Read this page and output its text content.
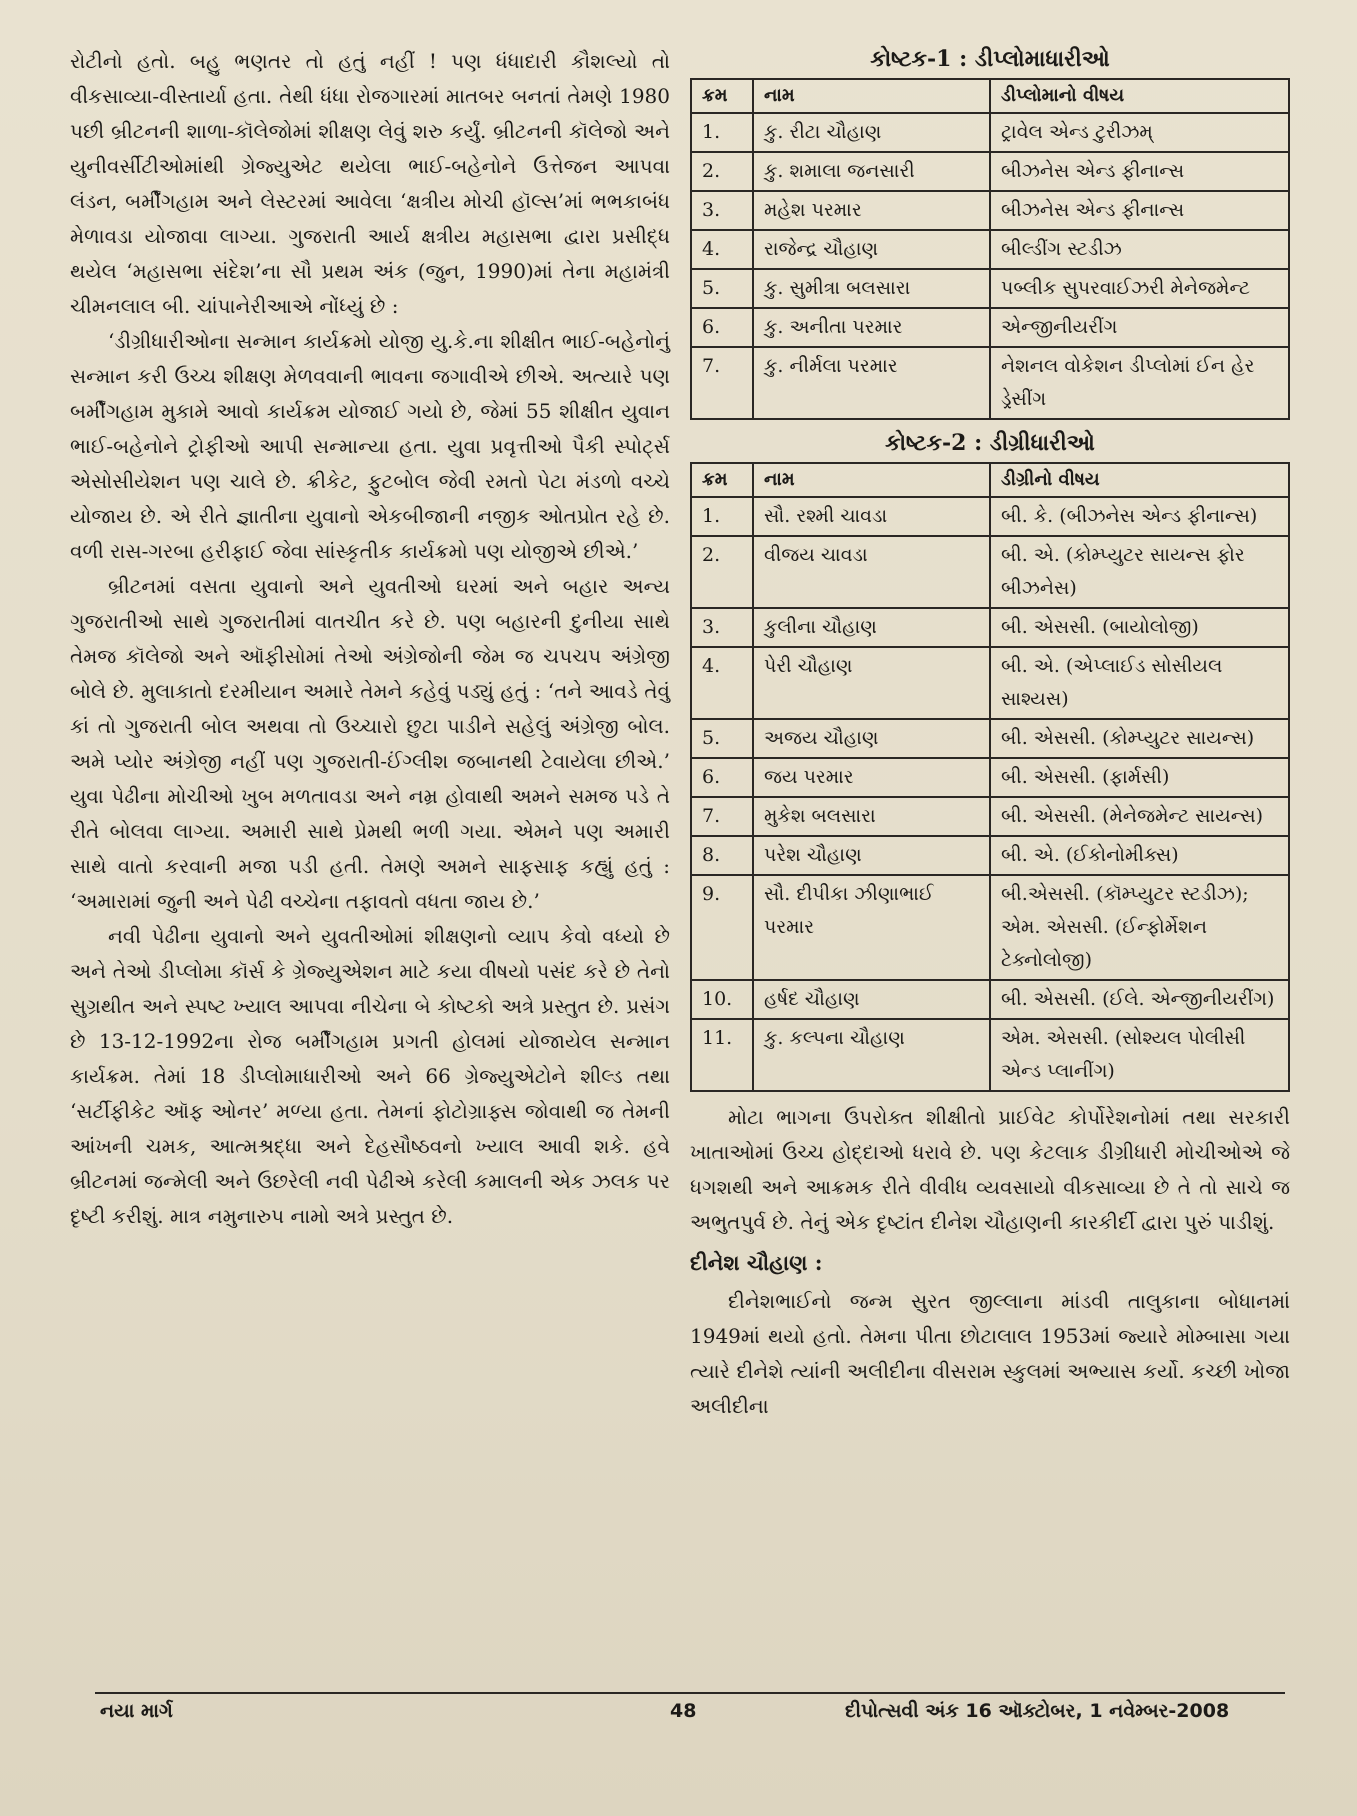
રોટીનો હતો. બહુ ભણતર તો હતું નહીં ! પણ ધંધાદારી કૌશલ્યો તો વીકસાવ્યા-વીસ્તાર્યા હતા. તેથી ધંધા રોજગારમાં માતબર બનતાં તેમણે 1980 પછી બ્રીટનની શાળા-કૉલેજોમાં શીક્ષણ લેવું શરુ કર્યું. બ્રીટનની કૉલેજો અને યુનીવર્સીટીઓમાંથી ગ્રેજ્યુએટ થયેલા ભાઈ-બહેનોને ઉત્તેજન આપવા લંડન, બર્મીંગહામ અને લેસ્ટરમાં આવેલા ‘ક્ષત્રીય મોચી હૉલ્સ’માં ભભકાબંધ મેળાવડા યોજાવા લાગ્યા. ગુજરાતી આર્ય ક્ષત્રીય મહાસભા દ્વારા પ્રસીદ્ધ થયેલ ‘મહાસભા સંદેશ’ના સૌ પ્રથમ અંક (જુન, 1990)માં તેના મહામંત્રી ચીમનલાલ બી. ચાંપાનેરીઆએ નોંધ્યું છે :

‘ડીગ્રીધારીઓના સન્માન કાર્યક્રમો યોજી યુ.કે.ના શીક્ષીત ભાઈ-બહેનોનું સન્માન કરી ઉચ્ચ શીક્ષણ મેળવવાની ભાવના જગાવીએ છીએ. અત્યારે પણ બર્મીંગહામ મુકામે આવો કાર્યક્રમ યોજાઈ ગયો છે, જેમાં 55 શીક્ષીત યુવાન ભાઈ-બહેનોને ટ્રોફીઓ આપી સન્માન્યા હતા. યુવા પ્રવૃત્તીઓ પૈકી સ્પોર્ટ્સ એસોસીયેશન પણ ચાલે છે. ક્રીકેટ, ફુટબોલ જેવી રમતો પેટા મંડળો વચ્ચે યોજાય છે. એ રીતે જ્ઞાતીના યુવાનો એકબીજાની નજીક ઓતપ્રોત રહે છે. વળી રાસ-ગરબા હરીફાઈ જેવા સાંસ્કૃતીક કાર્યક્રમો પણ યોજીએ છીએ.’

બ્રીટનમાં વસતા યુવાનો અને યુવતીઓ ઘરમાં અને બહાર અન્ય ગુજરાતીઓ સાથે ગુજરાતીમાં વાતચીત કરે છે. પણ બહારની દુનીયા સાથે તેમજ કૉલેજો અને ઑફીસોમાં તેઓ અંગ્રેજોની જેમ જ ચપચપ અંગ્રેજી બોલે છે. મુલાકાતો દરમીયાન અમારે તેમને કહેવું પડ્યું હતું : ‘તને આવડે તેવું કાં તો ગુજરાતી બોલ અથવા તો ઉચ્ચારો છુટા પાડીને સહેલું અંગ્રેજી બોલ. અમે પ્યોર અંગ્રેજી નહીં પણ ગુજરાતી-ઈંગ્લીશ જબાનથી ટેવાયેલા છીએ.’ યુવા પેઢીના મોચીઓ ખુબ મળતાવડા અને નમ્ર હોવાથી અમને સમજ પડે તે રીતે બોલવા લાગ્યા. અમારી સાથે પ્રેમથી ભળી ગયા. એમને પણ અમારી સાથે વાતો કરવાની મજા પડી હતી. તેમણે અમને સાફસાફ કહ્યું હતું : ‘અમારામાં જુની અને પેઢી વચ્ચેના તફાવતો વધતા જાય છે.’

નવી પેઢીના યુવાનો અને યુવતીઓમાં શીક્ષણનો વ્યાપ કેવો વધ્યો છે અને તેઓ ડીપ્લોમા કૉર્સ કે ગ્રેજ્યુએશન માટે કયા વીષયો પસંદ કરે છે તેનો સુગ્રથીત અને સ્પષ્ટ ખ્યાલ આપવા નીચેના બે કોષ્ટકો અત્રે પ્રસ્તુત છે. પ્રસંગ છે 13-12-1992ના રોજ બર્મીંગહામ પ્રગતી હોલમાં યોજાયેલ સન્માન કાર્યક્રમ. તેમાં 18 ડીપ્લોમાધારીઓ અને 66 ગ્રેજ્યુએટોને શીલ્ડ તથા ‘સર્ટીફીકેટ ઑફ ઓનર’ મળ્યા હતા. તેમનાં ફોટોગ્રાફ્સ જોવાથી જ તેમની આંખની ચમક, આત્મશ્રદ્ધા અને દેહસૌષ્ઠવનો ખ્યાલ આવી શકે. હવે બ્રીટનમાં જન્મેલી અને ઉછરેલી નવી પેઢીએ કરેલી કમાલની એક ઝલક પર દૃષ્ટી કરીશું. માત્ર નમુનારુપ નામો અત્રે પ્રસ્તુત છે.

કોષ્ટક-1 : ડીપ્લોમાધારીઓ
ક્રમ	નામ	ડીપ્લોમાનો વીષય
1.	કુ. રીટા ચૌહાણ	ટ્રાવેલ એન્ડ ટુરીઝમ્
2.	કુ. શમાલા જનસારી	બીઝનેસ એન્ડ ફીનાન્સ
3.	મહેશ પરમાર	બીઝનેસ એન્ડ ફીનાન્સ
4.	રાજેન્દ્ર ચૌહાણ	બીલ્ડીંગ સ્ટડીઝ
5.	કુ. સુમીત્રા બલસારા	પબ્લીક સુપરવાઈઝરી મેનેજમેન્ટ
6.	કુ. અનીતા પરમાર	એન્જીનીયરીંગ
7.	કુ. નીર્મલા પરમાર	નેશનલ વોકેશન ડીપ્લોમાં ઈન હેર ડ્રેસીંગ
કોષ્ટક-2 : ડીગ્રીધારીઓ
ક્રમ	નામ	ડીગ્રીનો વીષય
1.	સૌ. રશ્મી ચાવડા	બી. કે. (બીઝનેસ એન્ડ ફીનાન્સ)
2.	વીજય ચાવડા	બી. એ. (કોમ્પ્યુટર સાયન્સ ફોર બીઝનેસ)
3.	કુલીના ચૌહાણ	બી. એસસી. (બાયોલોજી)
4.	પેરી ચૌહાણ	બી. એ. (એપ્લાઈડ સોસીયલ સાશ્યસ)
5.	અજય ચૌહાણ	બી. એસસી. (કોમ્પ્યુટર સાયન્સ)
6.	જય પરમાર	બી. એસસી. (ફાર્મસી)
7.	મુકેશ બલસારા	બી. એસસી. (મેનેજમેન્ટ સાયન્સ)
8.	પરેશ ચૌહાણ	બી. એ. (ઈકોનોમીક્સ)
9.	સૌ. દીપીકા ઝીણાભાઈ પરમાર	બી.એસસી. (કૉમ્પ્યુટર સ્ટડીઝ); એમ. એસસી. (ઈન્ફોર્મેશન ટેક્નોલોજી)
10.	હર્ષદ ચૌહાણ	બી. એસસી. (ઈલે. એન્જીનીયરીંગ)
11.	કુ. કલ્પના ચૌહાણ	એમ. એસસી. (સોશ્યલ પોલીસી એન્ડ પ્લાનીંગ)

મોટા ભાગના ઉપરોક્ત શીક્ષીતો પ્રાઈવેટ કોર્પોરેશનોમાં તથા સરકારી ખાતાઓમાં ઉચ્ચ હોદ્દાઓ ધરાવે છે. પણ કેટલાક ડીગ્રીધારી મોચીઓએ જે ધગશથી અને આક્રમક રીતે વીવીધ વ્યવસાયો વીકસાવ્યા છે તે તો સાચે જ અભુતપુર્વ છે. તેનું એક દૃષ્ટાંત દીનેશ ચૌહાણની કારકીર્દી દ્વારા પુરું પાડીશું.

દીનેશ ચૌહાણ :

દીનેશભાઈનો જન્મ સુરત જીલ્લાના માંડવી તાલુકાના બોધાનમાં 1949માં થયો હતો. તેમના પીતા છોટાલાલ 1953માં જ્યારે મોમ્બાસા ગયા ત્યારે દીનેશે ત્યાંની અલીદીના વીસરામ સ્કુલમાં અભ્યાસ કર્યો. કચ્છી ખોજા અલીદીના

નયા માર્ગ	48	દીપોત્સવી અંક 16 ઑક્ટોબર, 1 નવેમ્બર-2008
